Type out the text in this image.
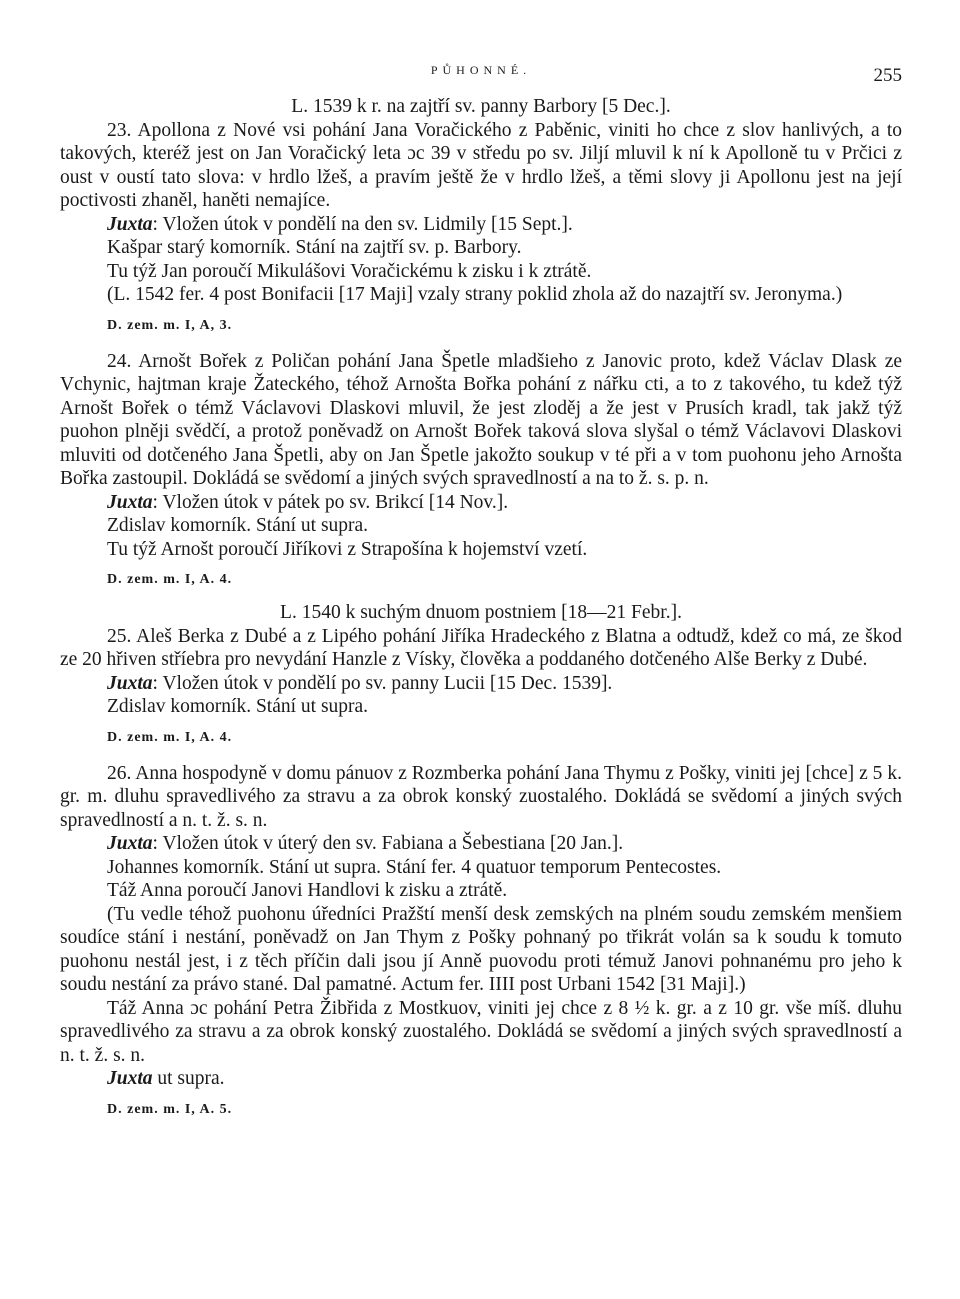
PŮHONNÉ.	255

L. 1539 k r. na zajtří sv. panny Barbory [5 Dec.].

23. Apollona z Nové vsi pohání Jana Voračického z Paběnic, viniti ho chce z slov hanlivých, a to takových, kteréž jest on Jan Voračický leta ɔc 39 v středu po sv. Jiljí mluvil k ní k Apolloně tu v Prčici z oust v oustí tato slova: v hrdlo lžeš, a pravím ještě že v hrdlo lžeš, a těmi slovy ji Apollonu jest na její poctivosti zhaněl, haněti nemajíce.

Juxta: Vložen útok v pondělí na den sv. Lidmily [15 Sept.].

Kašpar starý komorník. Stání na zajtří sv. p. Barbory.

Tu týž Jan poroučí Mikulášovi Voračickému k zisku i k ztrátě.

(L. 1542 fer. 4 post Bonifacii [17 Maji] vzaly strany poklid zhola až do nazajtří sv. Jeronyma.)

D. zem. m. I, A, 3.

24. Arnošt Bořek z Poličan pohání Jana Špetle mladšieho z Janovic proto, kdež Václav Dlask ze Vchynic, hajtman kraje Žateckého, téhož Arnošta Bořka pohání z nářku cti, a to z takového, tu kdež týž Arnošt Bořek o témž Václavovi Dlaskovi mluvil, že jest zloděj a že jest v Prusích kradl, tak jakž týž puohon plněji svědčí, a protož poněvadž on Arnošt Bořek taková slova slyšal o témž Václavovi Dlaskovi mluviti od dotčeného Jana Špetli, aby on Jan Špetle jakožto soukup v té při a v tom puohonu jeho Arnošta Bořka zastoupil. Dokládá se svědomí a jiných svých spravedlností a na to ž. s. p. n.

Juxta: Vložen útok v pátek po sv. Brikcí [14 Nov.].

Zdislav komorník. Stání ut supra.

Tu týž Arnošt poroučí Jiříkovi z Strapošína k hojemství vzetí.

D. zem. m. I, A. 4.

L. 1540 k suchým dnuom postniem [18—21 Febr.].

25. Aleš Berka z Dubé a z Lipého pohání Jiříka Hradeckého z Blatna a odtudž, kdež co má, ze škod ze 20 hřiven stříebra pro nevydání Hanzle z Vísky, člověka a poddaného dotčeného Alše Berky z Dubé.

Juxta: Vložen útok v pondělí po sv. panny Lucii [15 Dec. 1539].

Zdislav komorník. Stání ut supra.

D. zem. m. I, A. 4.

26. Anna hospodyně v domu pánuov z Rozmberka pohání Jana Thymu z Pošky, viniti jej [chce] z 5 k. gr. m. dluhu spravedlivého za stravu a za obrok konský zuostalého. Dokládá se svědomí a jiných svých spravedlností a n. t. ž. s. n.

Juxta: Vložen útok v úterý den sv. Fabiana a Šebestiana [20 Jan.].

Johannes komorník. Stání ut supra. Stání fer. 4 quatuor temporum Pentecostes.

Táž Anna poroučí Janovi Handlovi k zisku a ztrátě.

(Tu vedle téhož puohonu úředníci Pražští menší desk zemských na plném soudu zemském menšiem soudíce stání i nestání, poněvadž on Jan Thym z Pošky pohnaný po třikrát volán sa k soudu k tomuto puohonu nestál jest, i z těch příčin dali jsou jí Anně puovodu proti témuž Janovi pohnanému pro jeho k soudu nestání za právo stané. Dal pamatné. Actum fer. IIII post Urbani 1542 [31 Maji].)

Táž Anna ɔc pohání Petra Žibřida z Mostkuov, viniti jej chce z 8 ½ k. gr. a z 10 gr. vše míš. dluhu spravedlivého za stravu a za obrok konský zuostalého. Dokládá se svědomí a jiných svých spravedlností a n. t. ž. s. n.

Juxta ut supra.

D. zem. m. I, A. 5.
